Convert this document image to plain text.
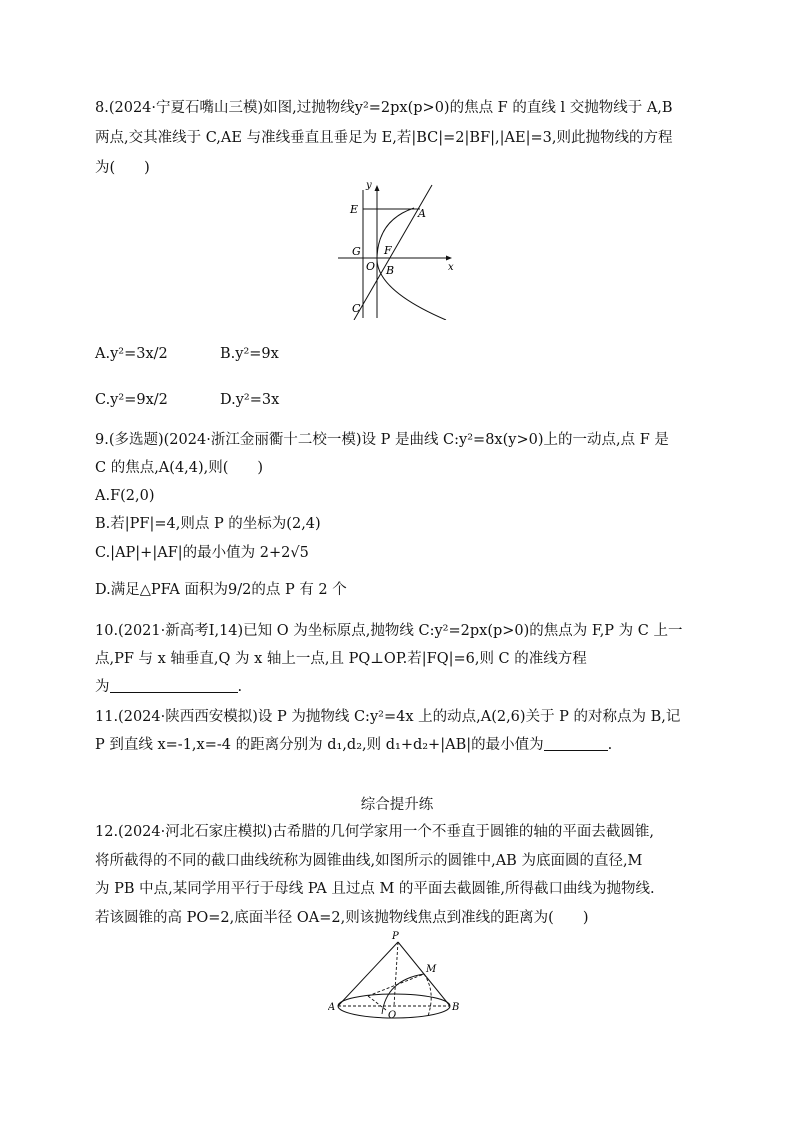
8.(2024·宁夏石嘴山三模)如图,过抛物线y²=2px(p>0)的焦点 F 的直线 l 交抛物线于 A,B
两点,交其准线于 C,AE 与准线垂直且垂足为 E,若|BC|=2|BF|,|AE|=3,则此抛物线的方程
为(　　)
y
E	A
G F
O B	x
C
A.y²=3x/2	B.y²=9x
C.y²=9x/2	D.y²=3x
9.(多选题)(2024·浙江金丽衢十二校一模)设 P 是曲线 C:y²=8x(y>0)上的一动点,点 F 是
C 的焦点,A(4,4),则(　　)
A.F(2,0)
B.若|PF|=4,则点 P 的坐标为(2,4)
C.|AP|+|AF|的最小值为 2+2√5
D.满足△PFA 面积为9/2的点 P 有 2 个
10.(2021·新高考Ⅰ,14)已知 O 为坐标原点,抛物线 C:y²=2px(p>0)的焦点为 F,P 为 C 上一
点,PF 与 x 轴垂直,Q 为 x 轴上一点,且 PQ⊥OP.若|FQ|=6,则 C 的准线方程
为	.
11.(2024·陕西西安模拟)设 P 为抛物线 C:y²=4x 上的动点,A(2,6)关于 P 的对称点为 B,记
P 到直线 x=-1,x=-4 的距离分别为 d₁,d₂,则 d₁+d₂+|AB|的最小值为	.
综合提升练
12.(2024·河北石家庄模拟)古希腊的几何学家用一个不垂直于圆锥的轴的平面去截圆锥,
将所截得的不同的截口曲线统称为圆锥曲线,如图所示的圆锥中,AB 为底面圆的直径,M
为 PB 中点,某同学用平行于母线 PA 且过点 M 的平面去截圆锥,所得截口曲线为抛物线.
若该圆锥的高 PO=2,底面半径 OA=2,则该抛物线焦点到准线的距离为(　　)
P
M
A
O
B
